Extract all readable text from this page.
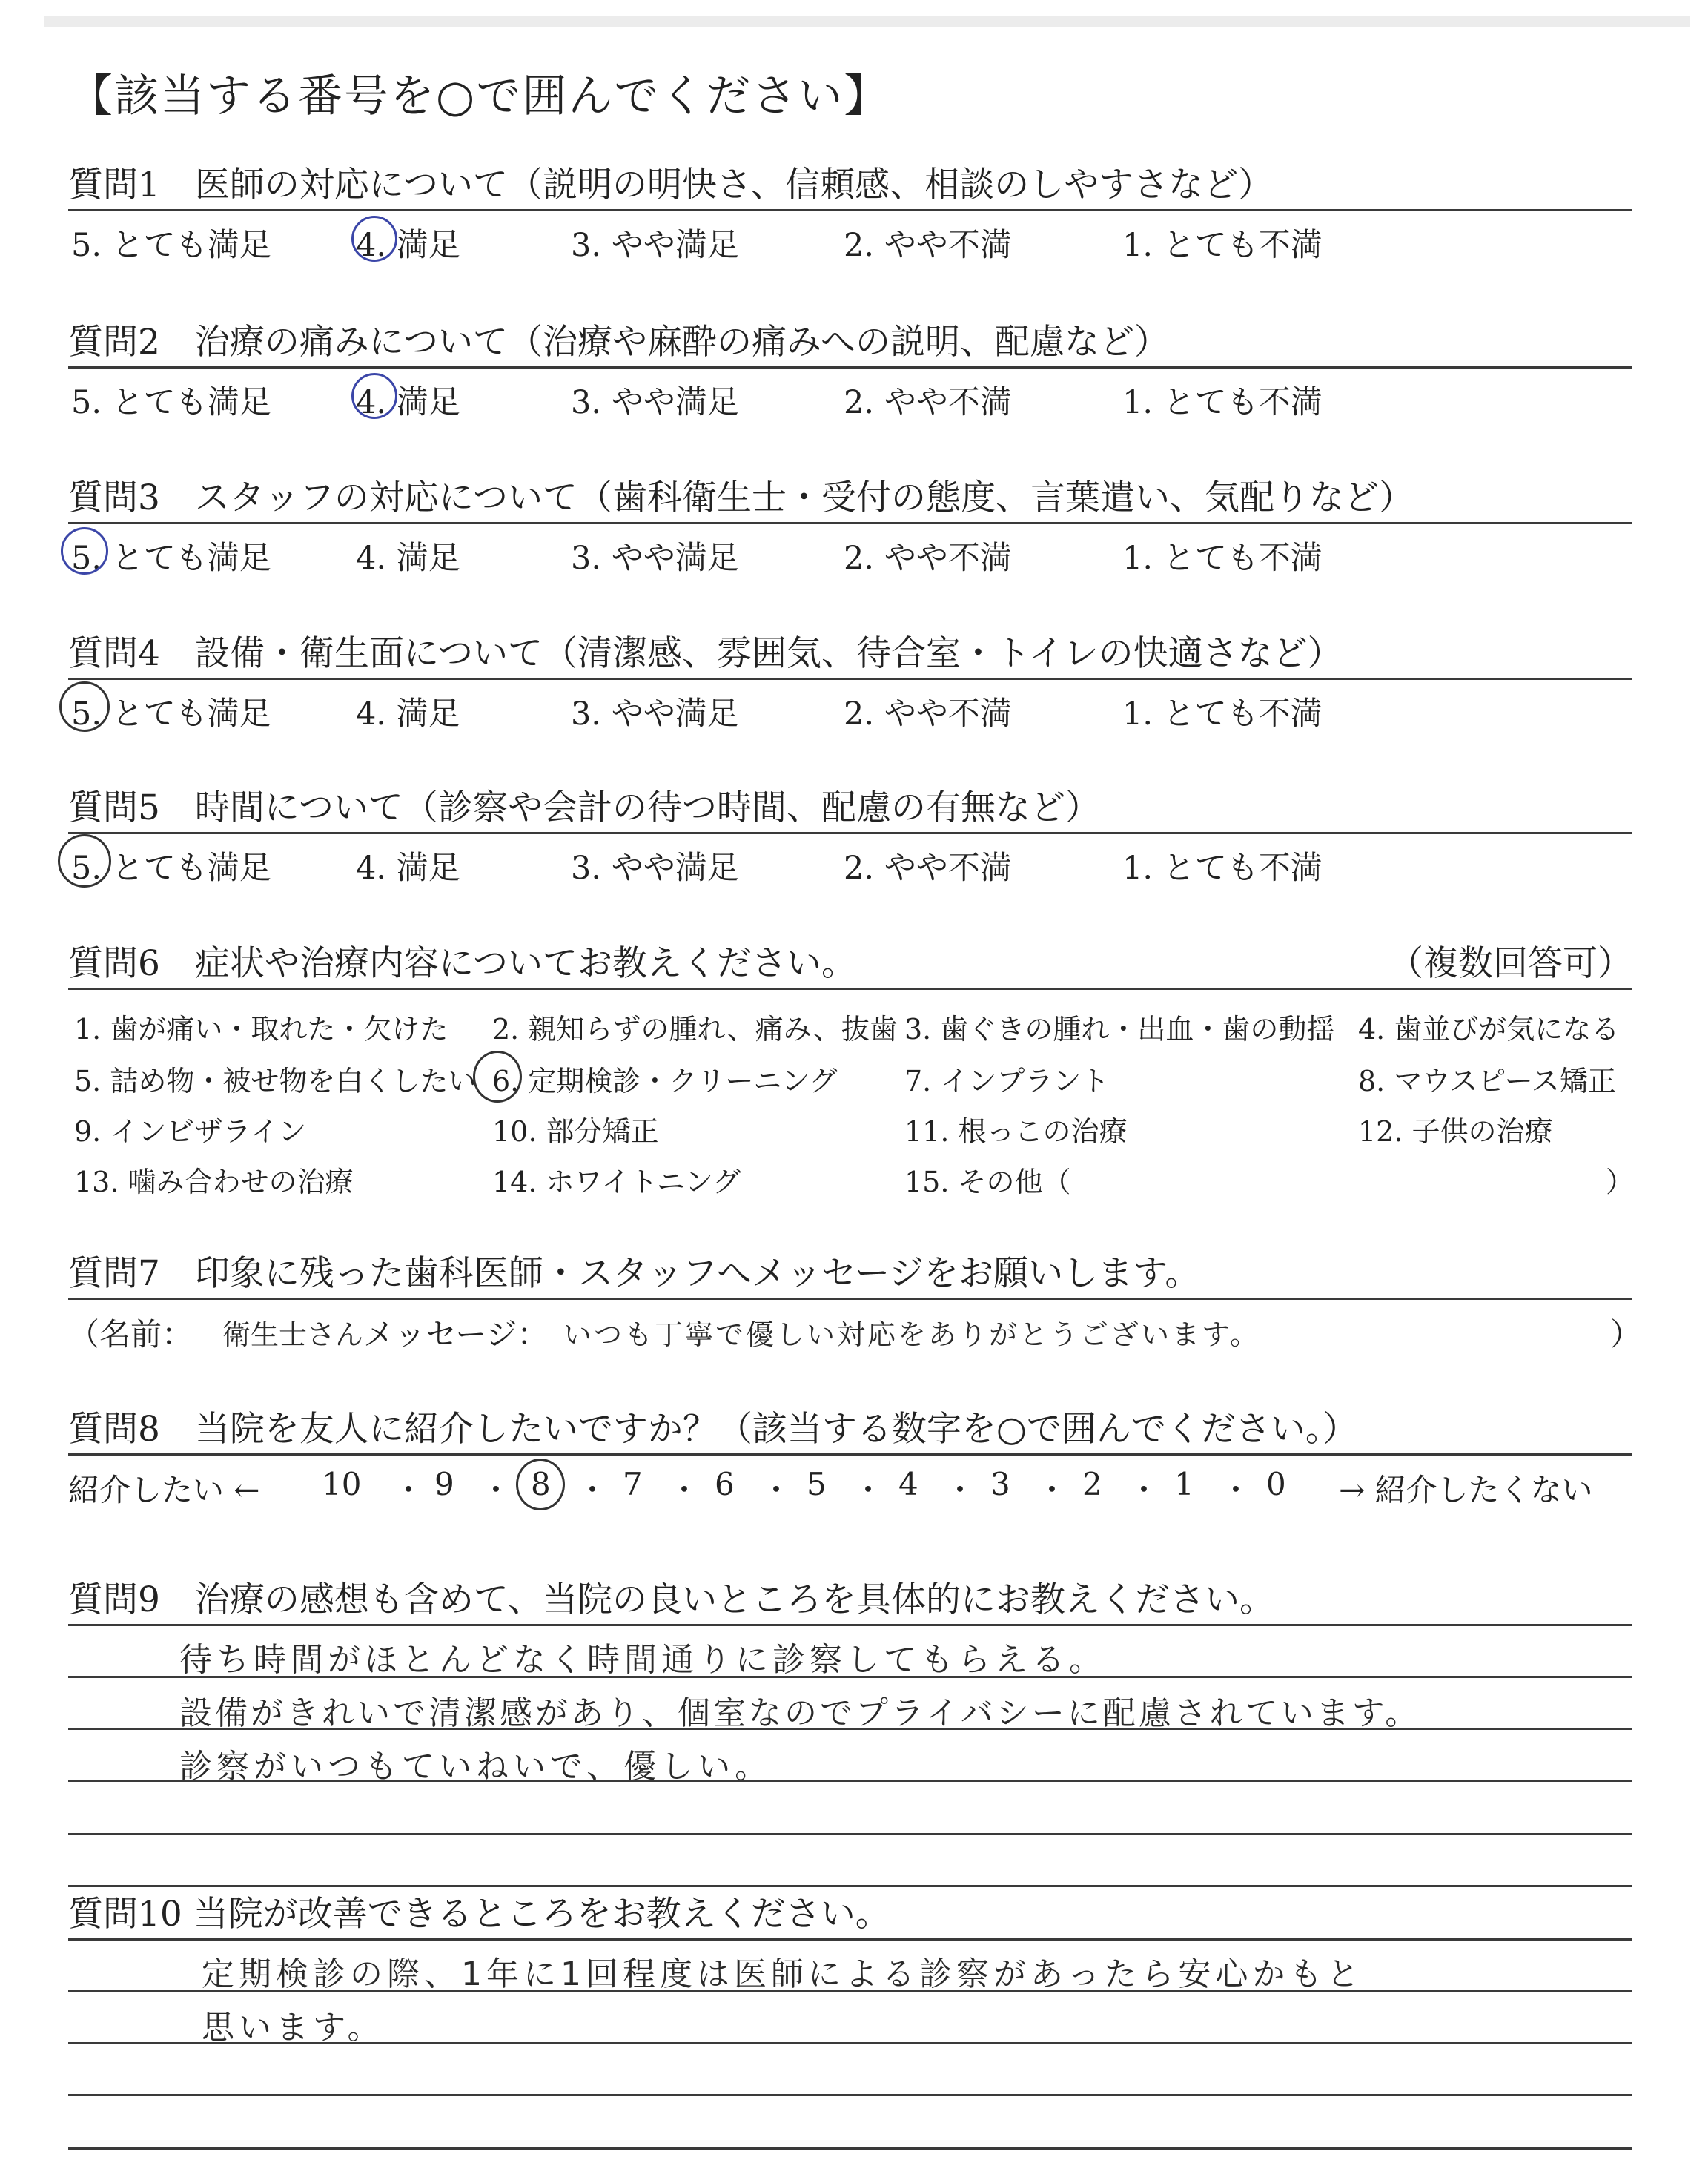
【該当する番号を○で囲んでください】
質問1　医師の対応について（説明の明快さ、信頼感、相談のしやすさなど）
5. とても満足	4. 満足	3. やや満足	2. やや不満	1. とても不満
質問2　治療の痛みについて（治療や麻酔の痛みへの説明、配慮など）
5. とても満足	4. 満足	3. やや満足	2. やや不満	1. とても不満
質問3　スタッフの対応について（歯科衛生士・受付の態度、言葉遣い、気配りなど）
5. とても満足	4. 満足	3. やや満足	2. やや不満	1. とても不満
質問4　設備・衛生面について（清潔感、雰囲気、待合室・トイレの快適さなど）
5. とても満足	4. 満足	3. やや満足	2. やや不満	1. とても不満
質問5　時間について（診察や会計の待つ時間、配慮の有無など）
5. とても満足	4. 満足	3. やや満足	2. やや不満	1. とても不満
質問6　症状や治療内容についてお教えください。	（複数回答可）
1. 歯が痛い・取れた・欠けた 2. 親知らずの腫れ、痛み、抜歯 3. 歯ぐきの腫れ・出血・歯の動揺 4. 歯並びが気になる
5. 詰め物・被せ物を白くしたい 6. 定期検診・クリーニング 7. インプラント	8. マウスピース矯正
9. インビザライン	10. 部分矯正	11. 根っこの治療	12. 子供の治療
13. 噛み合わせの治療	14. ホワイトニング	15. その他（	）
質問7　印象に残った歯科医師・スタッフへメッセージをお願いします。
（名前： 衛生士さん メッセージ： いつも丁寧で優しい対応をありがとうございます。	）
質問8　当院を友人に紹介したいですか？（該当する数字を○で囲んでください。）
紹介したい ← 10 ・ 9 ・ 8 ・ 7 ・ 6 ・ 5 ・ 4 ・ 3 ・ 2 ・ 1 ・ 0 → 紹介したくない
質問9　治療の感想も含めて、当院の良いところを具体的にお教えください。
待ち時間がほとんどなく時間通りに診察してもらえる。
設備がきれいで清潔感があり、個室なのでプライバシーに配慮されています。
診察がいつもていねいで、優しい。
質問10 当院が改善できるところをお教えください。
定期検診の際、1年に1回程度は医師による診察があったら安心かもと
思います。
